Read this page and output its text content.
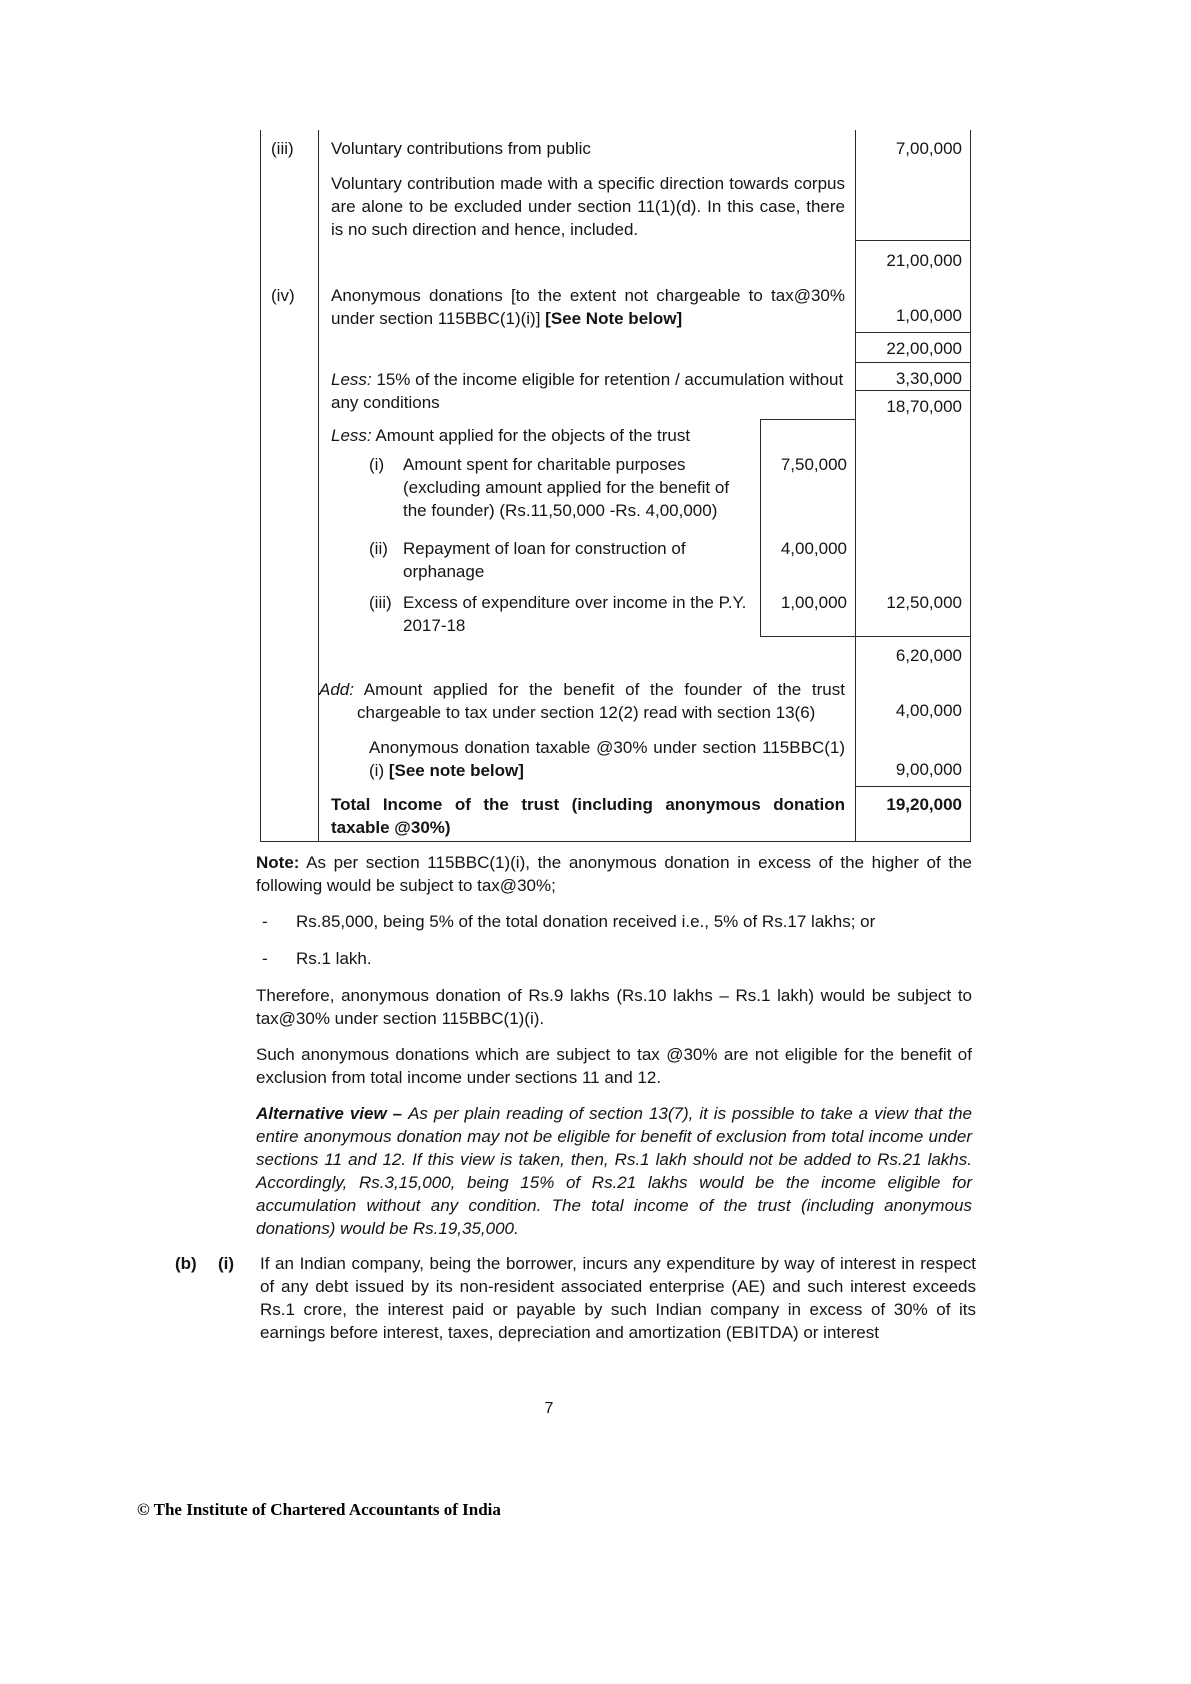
(iii)	Voluntary contributions from public	7,00,000
Voluntary contribution made with a specific direction towards corpus are alone to be excluded under section 11(1)(d). In this case, there is no such direction and hence, included.
21,00,000
(iv)	Anonymous donations [to the extent not chargeable to tax@30% under section 115BBC(1)(i)] [See Note below]	1,00,000
22,00,000
Less: 15% of the income eligible for retention / accumulation without any conditions
3,30,000
18,70,000
Less: Amount applied for the objects of the trust
(i)	Amount spent for charitable purposes (excluding amount applied for the benefit of the founder) (Rs.11,50,000 -Rs. 4,00,000)
7,50,000
(ii) Repayment of loan for construction of orphanage
4,00,000
(iii) Excess of expenditure over income in the P.Y. 2017-18
1,00,000	12,50,000
6,20,000
Add: Amount applied for the benefit of the founder of the trust chargeable to tax under section 12(2) read with section 13(6)	4,00,000
Anonymous donation taxable @30% under section 115BBC(1)(i) [See note below]	9,00,000
Total Income of the trust (including anonymous donation taxable @30%)
19,20,000

Note: As per section 115BBC(1)(i), the anonymous donation in excess of the higher of the following would be subject to tax@30%;

-	Rs.85,000, being 5% of the total donation received i.e., 5% of Rs.17 lakhs; or
-	Rs.1 lakh.

Therefore, anonymous donation of Rs.9 lakhs (Rs.10 lakhs – Rs.1 lakh) would be subject to tax@30% under section 115BBC(1)(i).

Such anonymous donations which are subject to tax @30% are not eligible for the benefit of exclusion from total income under sections 11 and 12.

Alternative view – As per plain reading of section 13(7), it is possible to take a view that the entire anonymous donation may not be eligible for benefit of exclusion from total income under sections 11 and 12. If this view is taken, then, Rs.1 lakh should not be added to Rs.21 lakhs. Accordingly, Rs.3,15,000, being 15% of Rs.21 lakhs would be the income eligible for accumulation without any condition. The total income of the trust (including anonymous donations) would be Rs.19,35,000.

(b)	(i)	If an Indian company, being the borrower, incurs any expenditure by way of interest in respect of any debt issued by its non-resident associated enterprise (AE) and such interest exceeds Rs.1 crore, the interest paid or payable by such Indian company in excess of 30% of its earnings before interest, taxes, depreciation and amortization (EBITDA) or interest
7
© The Institute of Chartered Accountants of India
